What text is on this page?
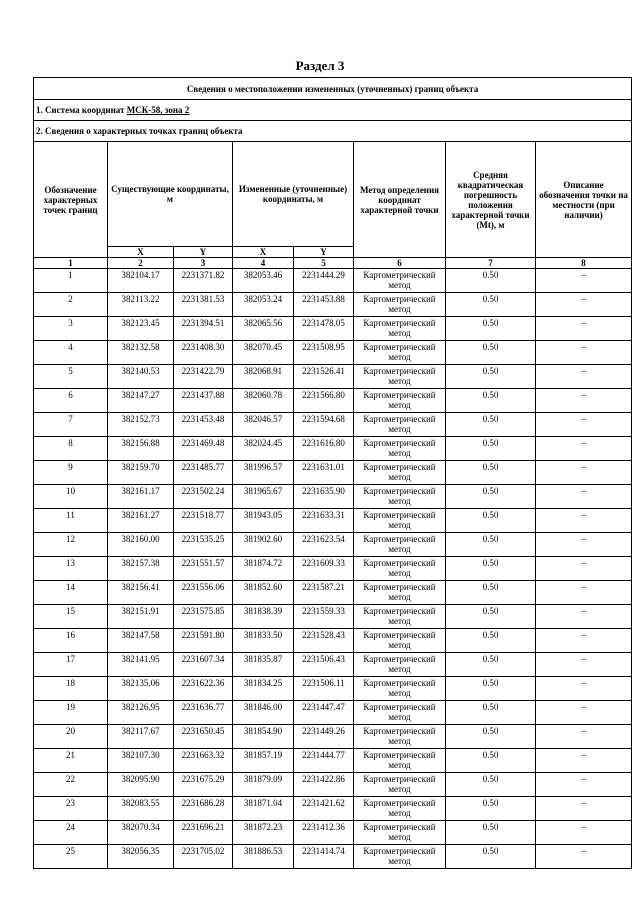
Раздел 3
Сведения о местоположении измененных (уточненных) границ объекта							
1. Система координат МСК-58, зона 2							
2. Сведения о характерных точках границ объекта							
Обозначение характерных точек границ	Существующие координаты, м		Измененные (уточненные) координаты, м		Метод определения координат характерной точки	Средняя квадратическая погрешность положения характерной точки (Mt), м	Описание обозначения точки на местности (при наличии)
	X	Y	X	Y			
1	2	3	4	5	6	7	8
1	382104.17	2231371.82	382053.46	2231444.29	Картометрический метод	0.50	–
2	382113.22	2231381.53	382053.24	2231453.88	Картометрический метод	0.50	–
3	382123.45	2231394.51	382065.56	2231478.05	Картометрический метод	0.50	–
4	382132.58	2231408.30	382070.45	2231508.95	Картометрический метод	0.50	–
5	382140.53	2231422.79	382068.91	2231526.41	Картометрический метод	0.50	–
6	382147.27	2231437.88	382060.78	2231566.80	Картометрический метод	0.50	–
7	382152.73	2231453.48	382046.57	2231594.68	Картометрический метод	0.50	–
8	382156.88	2231469.48	382024.45	2231616.80	Картометрический метод	0.50	–
9	382159.70	2231485.77	381996.57	2231631.01	Картометрический метод	0.50	–
10	382161.17	2231502.24	381965.67	2231635.90	Картометрический метод	0.50	–
11	382161.27	2231518.77	381943.05	2231633.31	Картометрический метод	0.50	–
12	382160.00	2231535.25	381902.60	2231623.54	Картометрический метод	0.50	–
13	382157.38	2231551.57	381874.72	2231609.33	Картометрический метод	0.50	–
14	382156.41	2231556.06	381852.60	2231587.21	Картометрический метод	0.50	–
15	382151.91	2231575.85	381838.39	2231559.33	Картометрический метод	0.50	–
16	382147.58	2231591.80	381833.50	2231528.43	Картометрический метод	0.50	–
17	382141.95	2231607.34	381835.87	2231506.43	Картометрический метод	0.50	–
18	382135.06	2231622.36	381834.25	2231506.11	Картометрический метод	0.50	–
19	382126.95	2231636.77	381846.00	2231447.47	Картометрический метод	0.50	–
20	382117.67	2231650.45	381854.90	2231449.26	Картометрический метод	0.50	–
21	382107.30	2231663.32	381857.19	2231444.77	Картометрический метод	0.50	–
22	382095.90	2231675.29	381879.09	2231422.86	Картометрический метод	0.50	–
23	382083.55	2231686.28	381871.04	2231421.62	Картометрический метод	0.50	–
24	382070.34	2231696.21	381872.23	2231412.36	Картометрический метод	0.50	–
25	382056.35	2231705.02	381886.53	2231414.74	Картометрический метод	0.50	–
